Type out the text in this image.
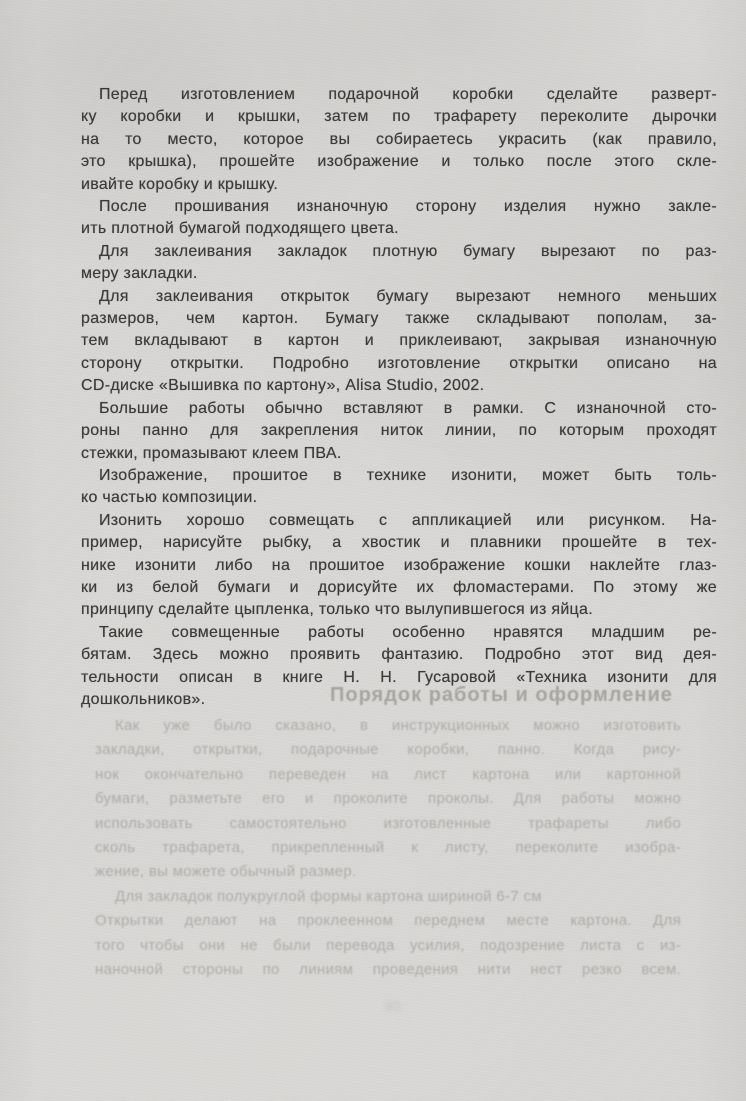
Перед изготовлением подарочной коробки сделайте разверт-
ку коробки и крышки, затем по трафарету переколите дырочки
на то место, которое вы собираетесь украсить (как правило,
это крышка), прошейте изображение и только после этого скле-
ивайте коробку и крышку.
После прошивания изнаночную сторону изделия нужно закле-
ить плотной бумагой подходящего цвета.
Для заклеивания закладок плотную бумагу вырезают по раз-
меру закладки.
Для заклеивания открыток бумагу вырезают немного меньших
размеров, чем картон. Бумагу также складывают пополам, за-
тем вкладывают в картон и приклеивают, закрывая изнаночную
сторону открытки. Подробно изготовление открытки описано на
CD-диске «Вышивка по картону», Alisa Studio, 2002.
Большие работы обычно вставляют в рамки. С изнаночной сто-
роны панно для закрепления ниток линии, по которым проходят
стежки, промазывают клеем ПВА.
Изображение, прошитое в технике изонити, может быть толь-
ко частью композиции.
Изонить хорошо совмещать с аппликацией или рисунком. На-
пример, нарисуйте рыбку, а хвостик и плавники прошейте в тех-
нике изонити либо на прошитое изображение кошки наклейте глаз-
ки из белой бумаги и дорисуйте их фломастерами. По этому же
принципу сделайте цыпленка, только что вылупившегося из яйца.
Такие совмещенные работы особенно нравятся младшим ре-
бятам. Здесь можно проявить фантазию. Подробно этот вид дея-
тельности описан в книге Н. Н. Гусаровой «Техника изонити для
дошкольников».	Порядок работы и оформление
Как уже было сказано, в инструкционных можно изготовить
закладки, открытки, подарочные коробки, панно. Когда рису-
нок окончательно переведен на лист картона или картонной
бумаги, разметьте его и проколите проколы. Для работы можно
использовать самостоятельно изготовленные трафареты либо
сколь трафарета, прикрепленный к листу, переколите изобра-
жение, вы можете обычный размер.
Для закладок полукруглой формы картона шириной 6-7 см
Открытки делают на проклеенном переднем месте картона. Для
того чтобы они не были перевода усилия, подозрение листа с из-
наночной стороны по линиям проведения нити нест резко всем.
90
